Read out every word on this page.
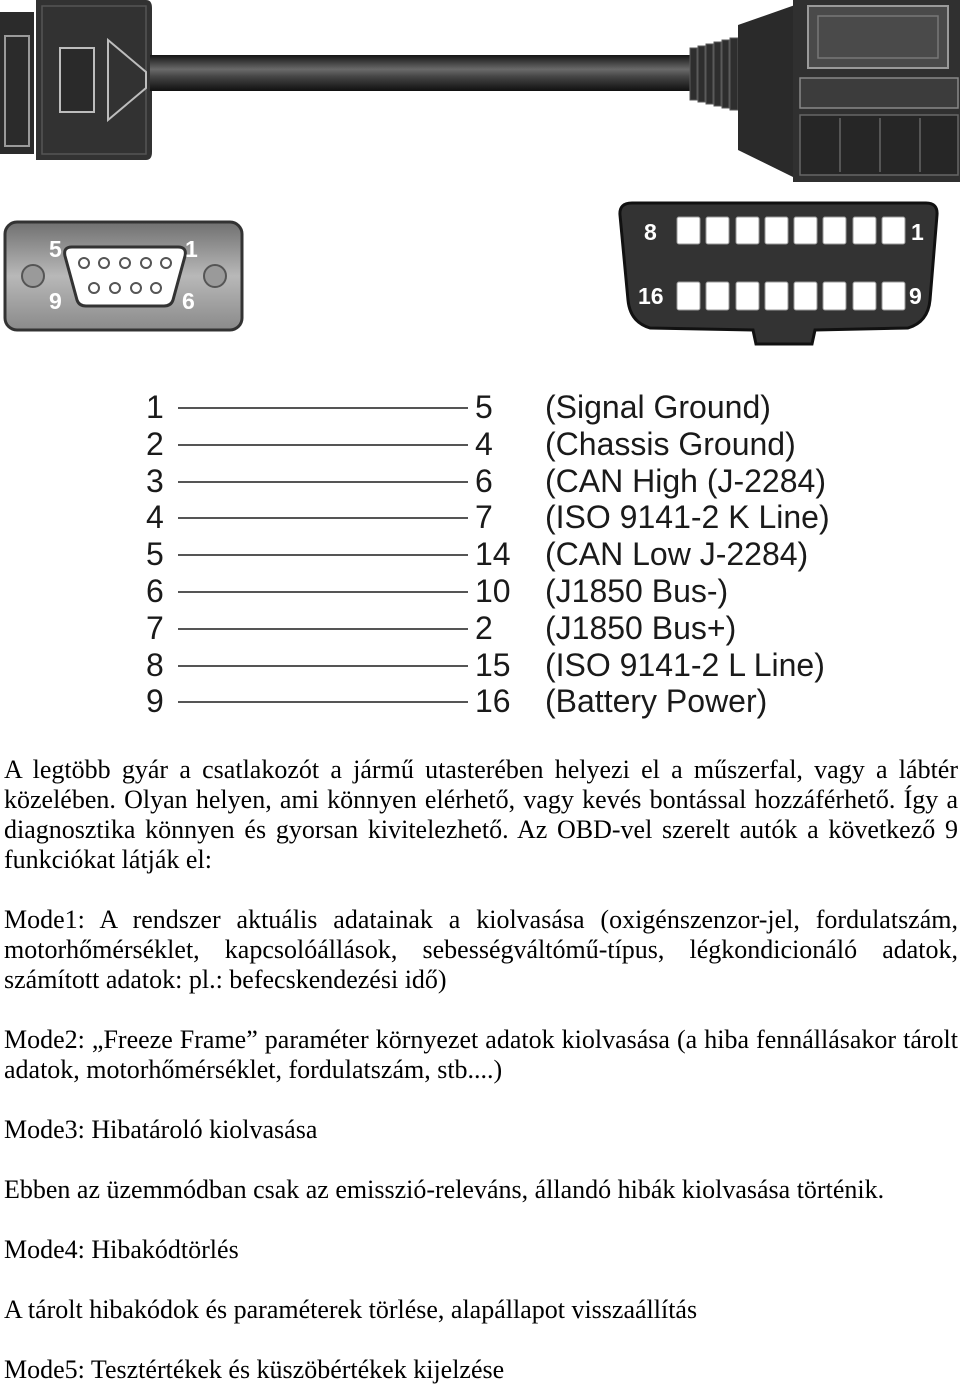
5	1
9	6
8	1
16	9
1	5 (Signal Ground)
2	4 (Chassis Ground)
3	6 (CAN High (J-2284)
4	7 (ISO 9141-2 K Line)
5	14 (CAN Low J-2284)
6	10 (J1850 Bus-)
7	2 (J1850 Bus+)
8	15 (ISO 9141-2 L Line)
9	16 (Battery Power)
A legtöbb gyár a csatlakozót a jármű utasterében helyezi el a műszerfal, vagy a lábtér
közelében. Olyan helyen, ami könnyen elérhető, vagy kevés bontással hozzáférhető. Így a
diagnosztika könnyen és gyorsan kivitelezhető. Az OBD-vel szerelt autók a következő 9
funkciókat látják el:
Mode1: A rendszer aktuális adatainak a kiolvasása (oxigénszenzor-jel, fordulatszám,
motorhőmérséklet, kapcsolóállások, sebességváltómű-típus, légkondicionáló adatok,
számított adatok: pl.: befecskendezési idő)
Mode2: „Freeze Frame” paraméter környezet adatok kiolvasása (a hiba fennállásakor tárolt
adatok, motorhőmérséklet, fordulatszám, stb....)
Mode3: Hibatároló kiolvasása
Ebben az üzemmódban csak az emisszió-releváns, állandó hibák kiolvasása történik.
Mode4: Hibakódtörlés
A tárolt hibakódok és paraméterek törlése, alapállapot visszaállítás
Mode5: Tesztértékek és küszöbértékek kijelzése
